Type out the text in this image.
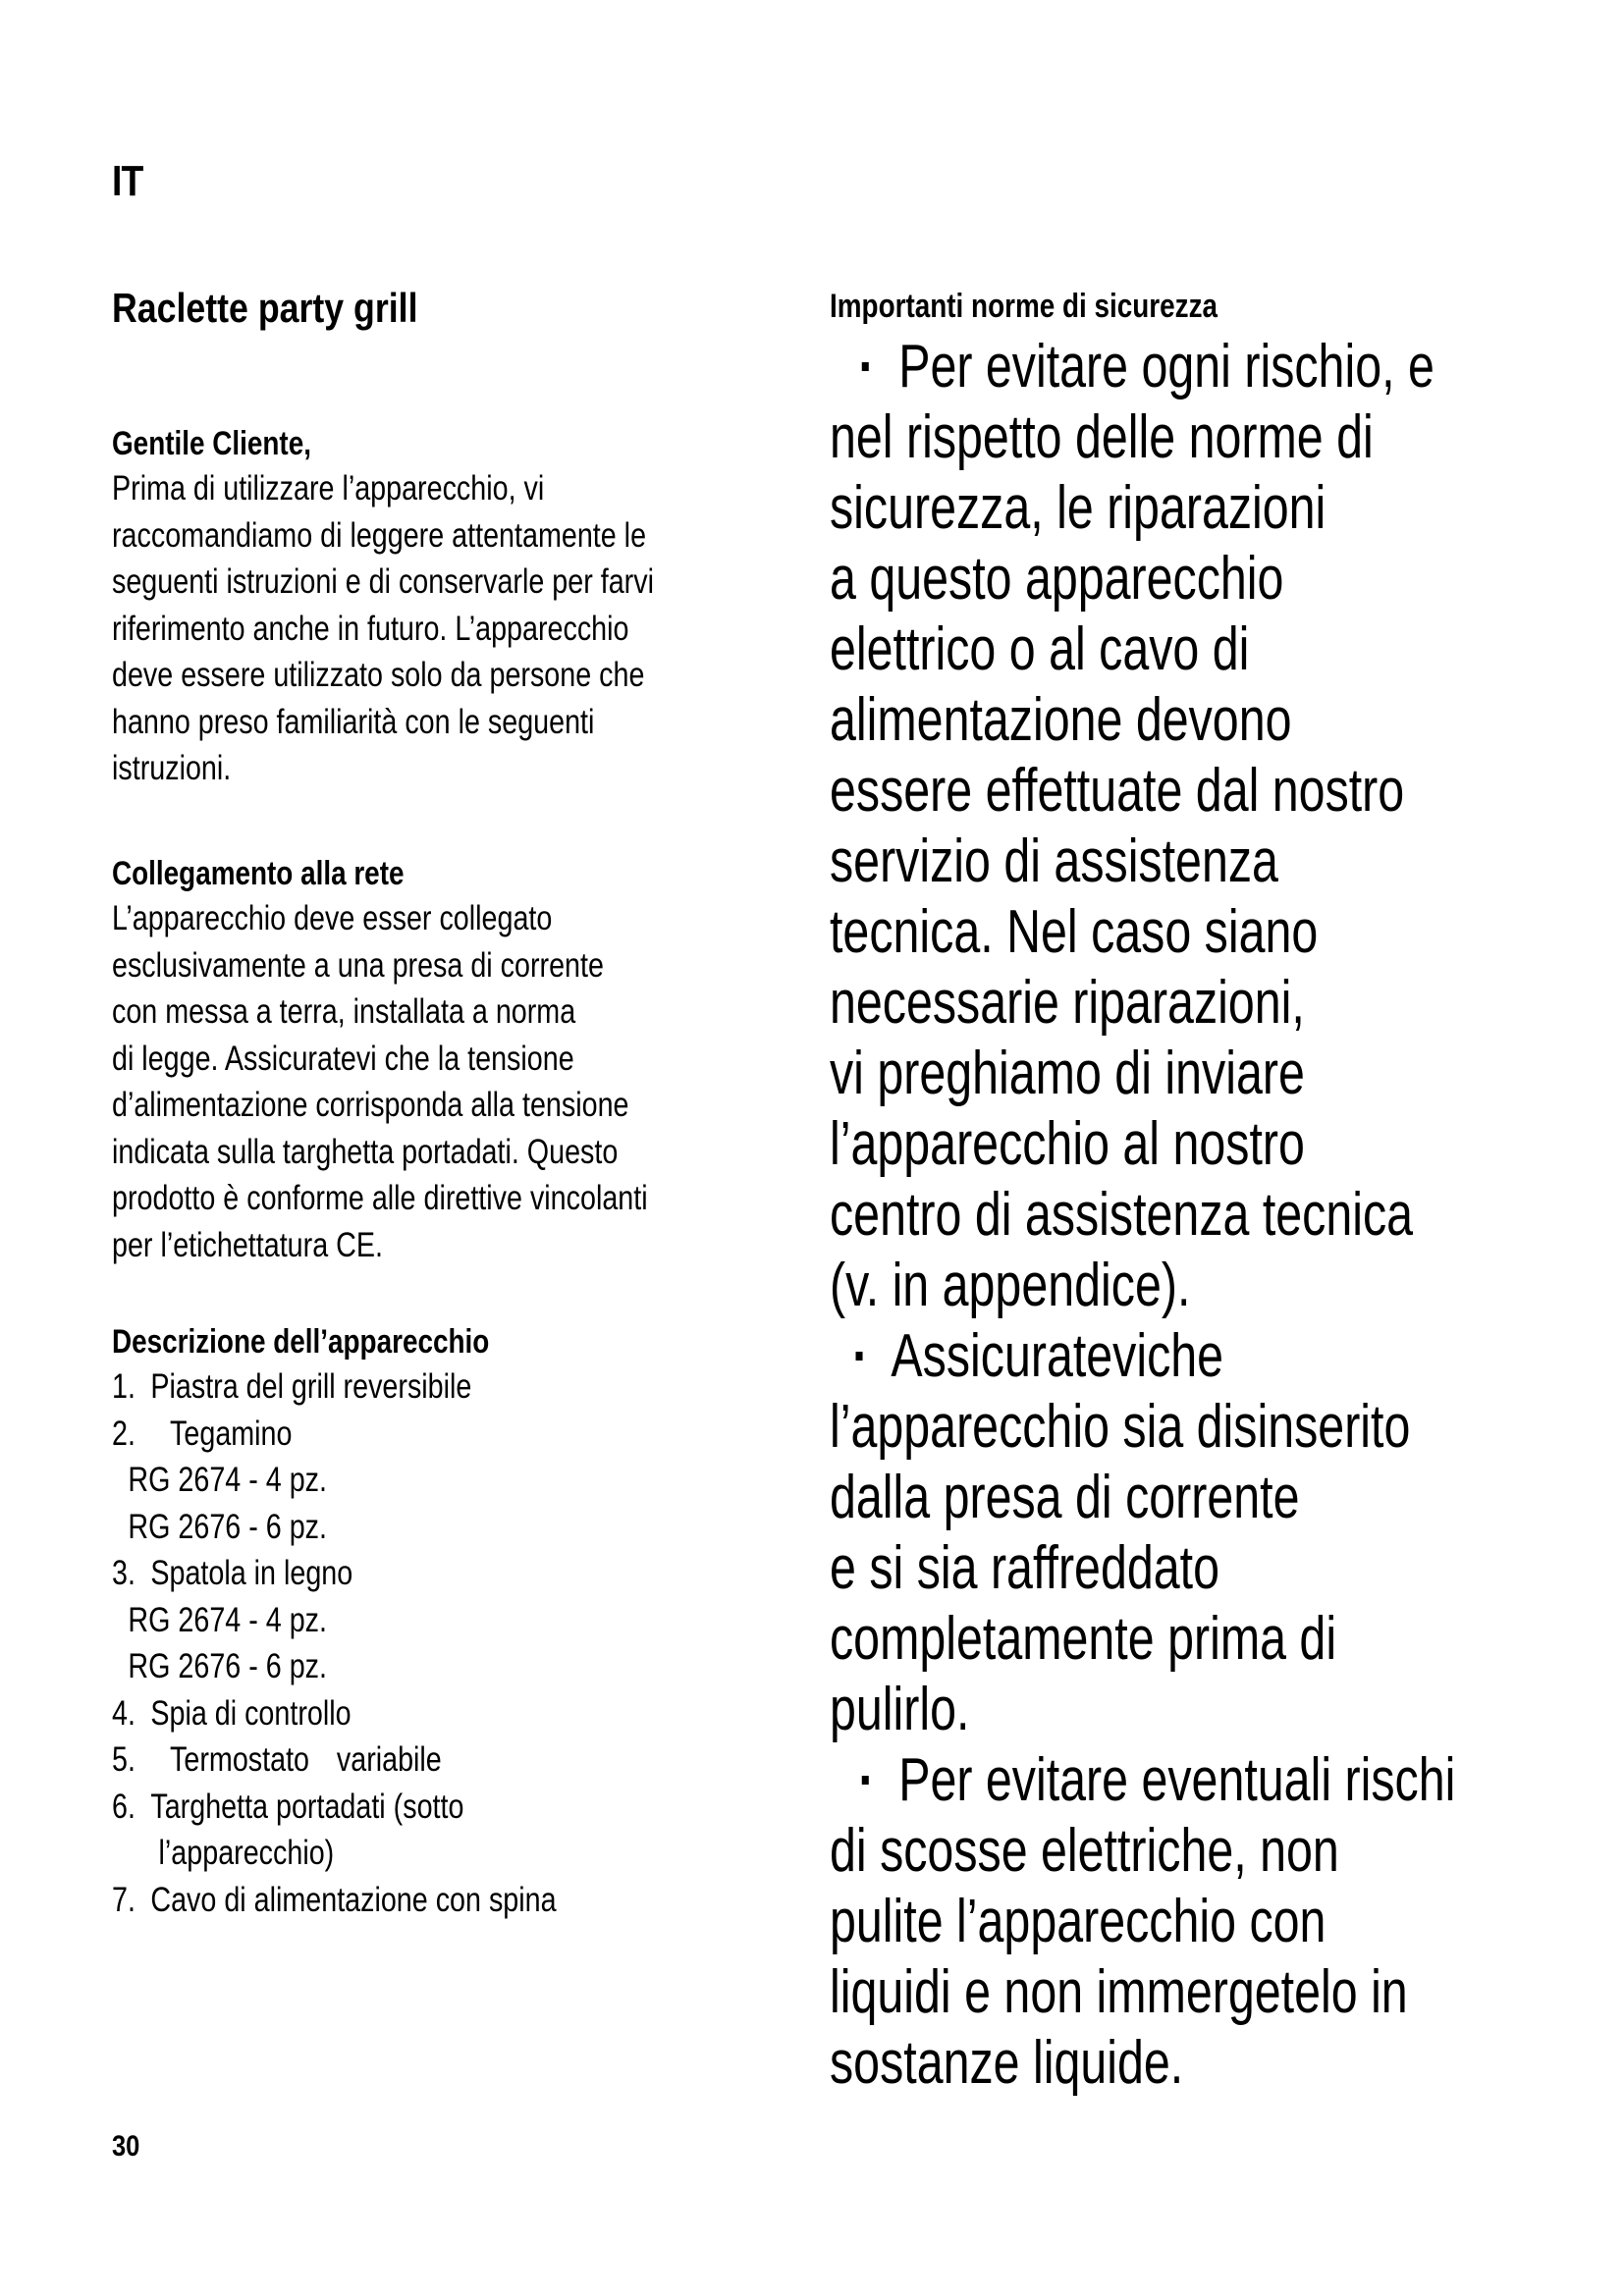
IT
Raclette party grill
Gentile Cliente,
Prima di utilizzare l’apparecchio, vi
raccomandiamo di leggere attentamente le
seguenti istruzioni e di conservarle per farvi
riferimento anche in futuro. L’apparecchio
deve essere utilizzato solo da persone che
hanno preso familiarità con le seguenti
istruzioni.
Collegamento alla rete
L’apparecchio deve esser collegato
esclusivamente a una presa di corrente
con messa a terra, installata a norma
di legge. Assicuratevi che la tensione
d’alimentazione corrisponda alla tensione
indicata sulla targhetta portadati. Questo
prodotto è conforme alle direttive vincolanti
per l’etichettatura CE.
Descrizione dell’apparecchio
1. Piastra del grill reversibile
2. Tegamino
RG 2674 - 4 pz.
RG 2676 - 6 pz.
3. Spatola in legno
RG 2674 - 4 pz.
RG 2676 - 6 pz.
4. Spia di controllo
5. Termostato variabile
6. Targhetta portadati (sotto
l’apparecchio)
7. Cavo di alimentazione con spina
Importanti norme di sicurezza
Per evitare ogni rischio, e
nel rispetto delle norme di
sicurezza, le riparazioni
a questo apparecchio
elettrico o al cavo di
alimentazione devono
essere effettuate dal nostro
servizio di assistenza
tecnica. Nel caso siano
necessarie riparazioni,
vi preghiamo di inviare
l’apparecchio al nostro
centro di assistenza tecnica
(v. in appendice).
Assicurateviche
l’apparecchio sia disinserito
dalla presa di corrente
e si sia raffreddato
completamente prima di
pulirlo.
Per evitare eventuali rischi
di scosse elettriche, non
pulite l’apparecchio con
liquidi e non immergetelo in
sostanze liquide.
30
